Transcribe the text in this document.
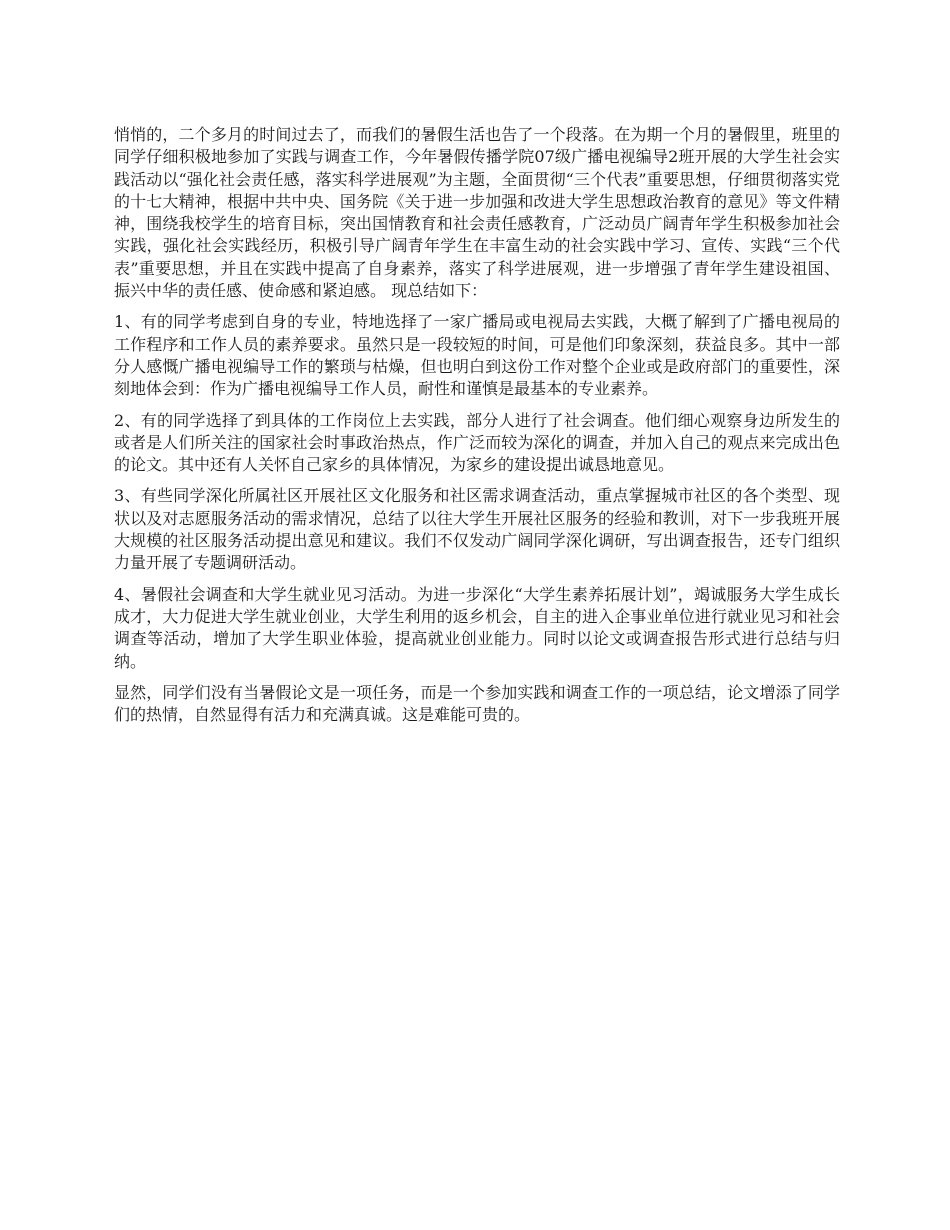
悄悄的，二个多月的时间过去了，而我们的暑假生活也告了一个段落。在为期一个月的暑假里，班里的同学仔细积极地参加了实践与调查工作，今年暑假传播学院07级广播电视编导2班开展的大学生社会实践活动以“强化社会责任感，落实科学进展观”为主题，全面贯彻“三个代表”重要思想，仔细贯彻落实党的十七大精神，根据中共中央、国务院《关于进一步加强和改进大学生思想政治教育的意见》等文件精神，围绕我校学生的培育目标，突出国情教育和社会责任感教育，广泛动员广阔青年学生积极参加社会实践，强化社会实践经历，积极引导广阔青年学生在丰富生动的社会实践中学习、宣传、实践“三个代表”重要思想，并且在实践中提高了自身素养，落实了科学进展观，进一步增强了青年学生建设祖国、振兴中华的责任感、使命感和紧迫感。 现总结如下：

1、有的同学考虑到自身的专业，特地选择了一家广播局或电视局去实践，大概了解到了广播电视局的工作程序和工作人员的素养要求。虽然只是一段较短的时间，可是他们印象深刻，获益良多。其中一部分人感慨广播电视编导工作的繁琐与枯燥，但也明白到这份工作对整个企业或是政府部门的重要性，深刻地体会到：作为广播电视编导工作人员，耐性和谨慎是最基本的专业素养。

2、有的同学选择了到具体的工作岗位上去实践，部分人进行了社会调查。他们细心观察身边所发生的或者是人们所关注的国家社会时事政治热点，作广泛而较为深化的调查，并加入自己的观点来完成出色的论文。其中还有人关怀自己家乡的具体情况，为家乡的建设提出诚恳地意见。

3、有些同学深化所属社区开展社区文化服务和社区需求调查活动，重点掌握城市社区的各个类型、现状以及对志愿服务活动的需求情况，总结了以往大学生开展社区服务的经验和教训，对下一步我班开展大规模的社区服务活动提出意见和建议。我们不仅发动广阔同学深化调研，写出调查报告，还专门组织力量开展了专题调研活动。

4、暑假社会调查和大学生就业见习活动。为进一步深化“大学生素养拓展计划”，竭诚服务大学生成长成才，大力促进大学生就业创业，大学生利用的返乡机会，自主的进入企事业单位进行就业见习和社会调查等活动，增加了大学生职业体验，提高就业创业能力。同时以论文或调查报告形式进行总结与归纳。

显然，同学们没有当暑假论文是一项任务，而是一个参加实践和调查工作的一项总结，论文增添了同学们的热情，自然显得有活力和充满真诚。这是难能可贵的。
